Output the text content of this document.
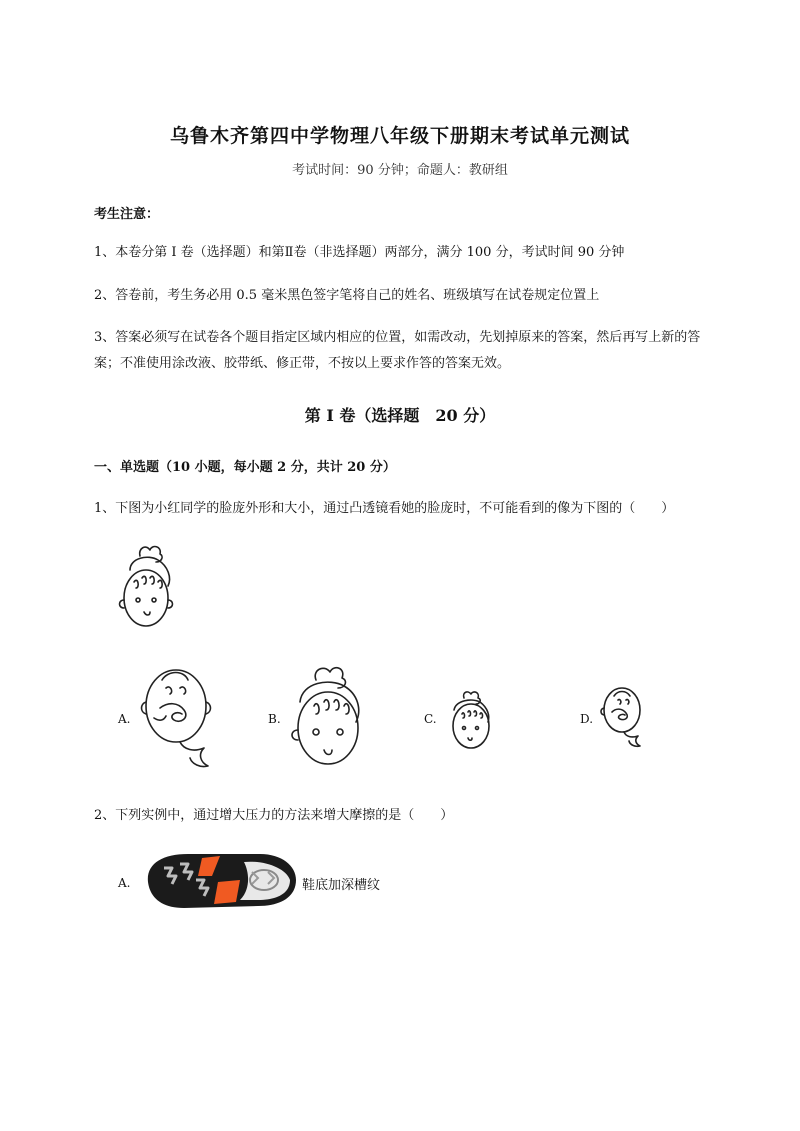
乌鲁木齐第四中学物理八年级下册期末考试单元测试
考试时间：90 分钟；命题人：教研组
考生注意：
1、本卷分第 I 卷（选择题）和第Ⅱ卷（非选择题）两部分，满分 100 分，考试时间 90 分钟
2、答卷前，考生务必用 0.5 毫米黑色签字笔将自己的姓名、班级填写在试卷规定位置上
3、答案必须写在试卷各个题目指定区域内相应的位置，如需改动，先划掉原来的答案，然后再写上新的答案；不准使用涂改液、胶带纸、修正带，不按以上要求作答的答案无效。
第 I 卷（选择题　20 分）
一、单选题（10 小题，每小题 2 分，共计 20 分）
1、下图为小红同学的脸庞外形和大小，通过凸透镜看她的脸庞时，不可能看到的像为下图的（　　）
A.	B.	C.	D.
2、下列实例中，通过增大压力的方法来增大摩擦的是（　　）
A.	鞋底加深槽纹
